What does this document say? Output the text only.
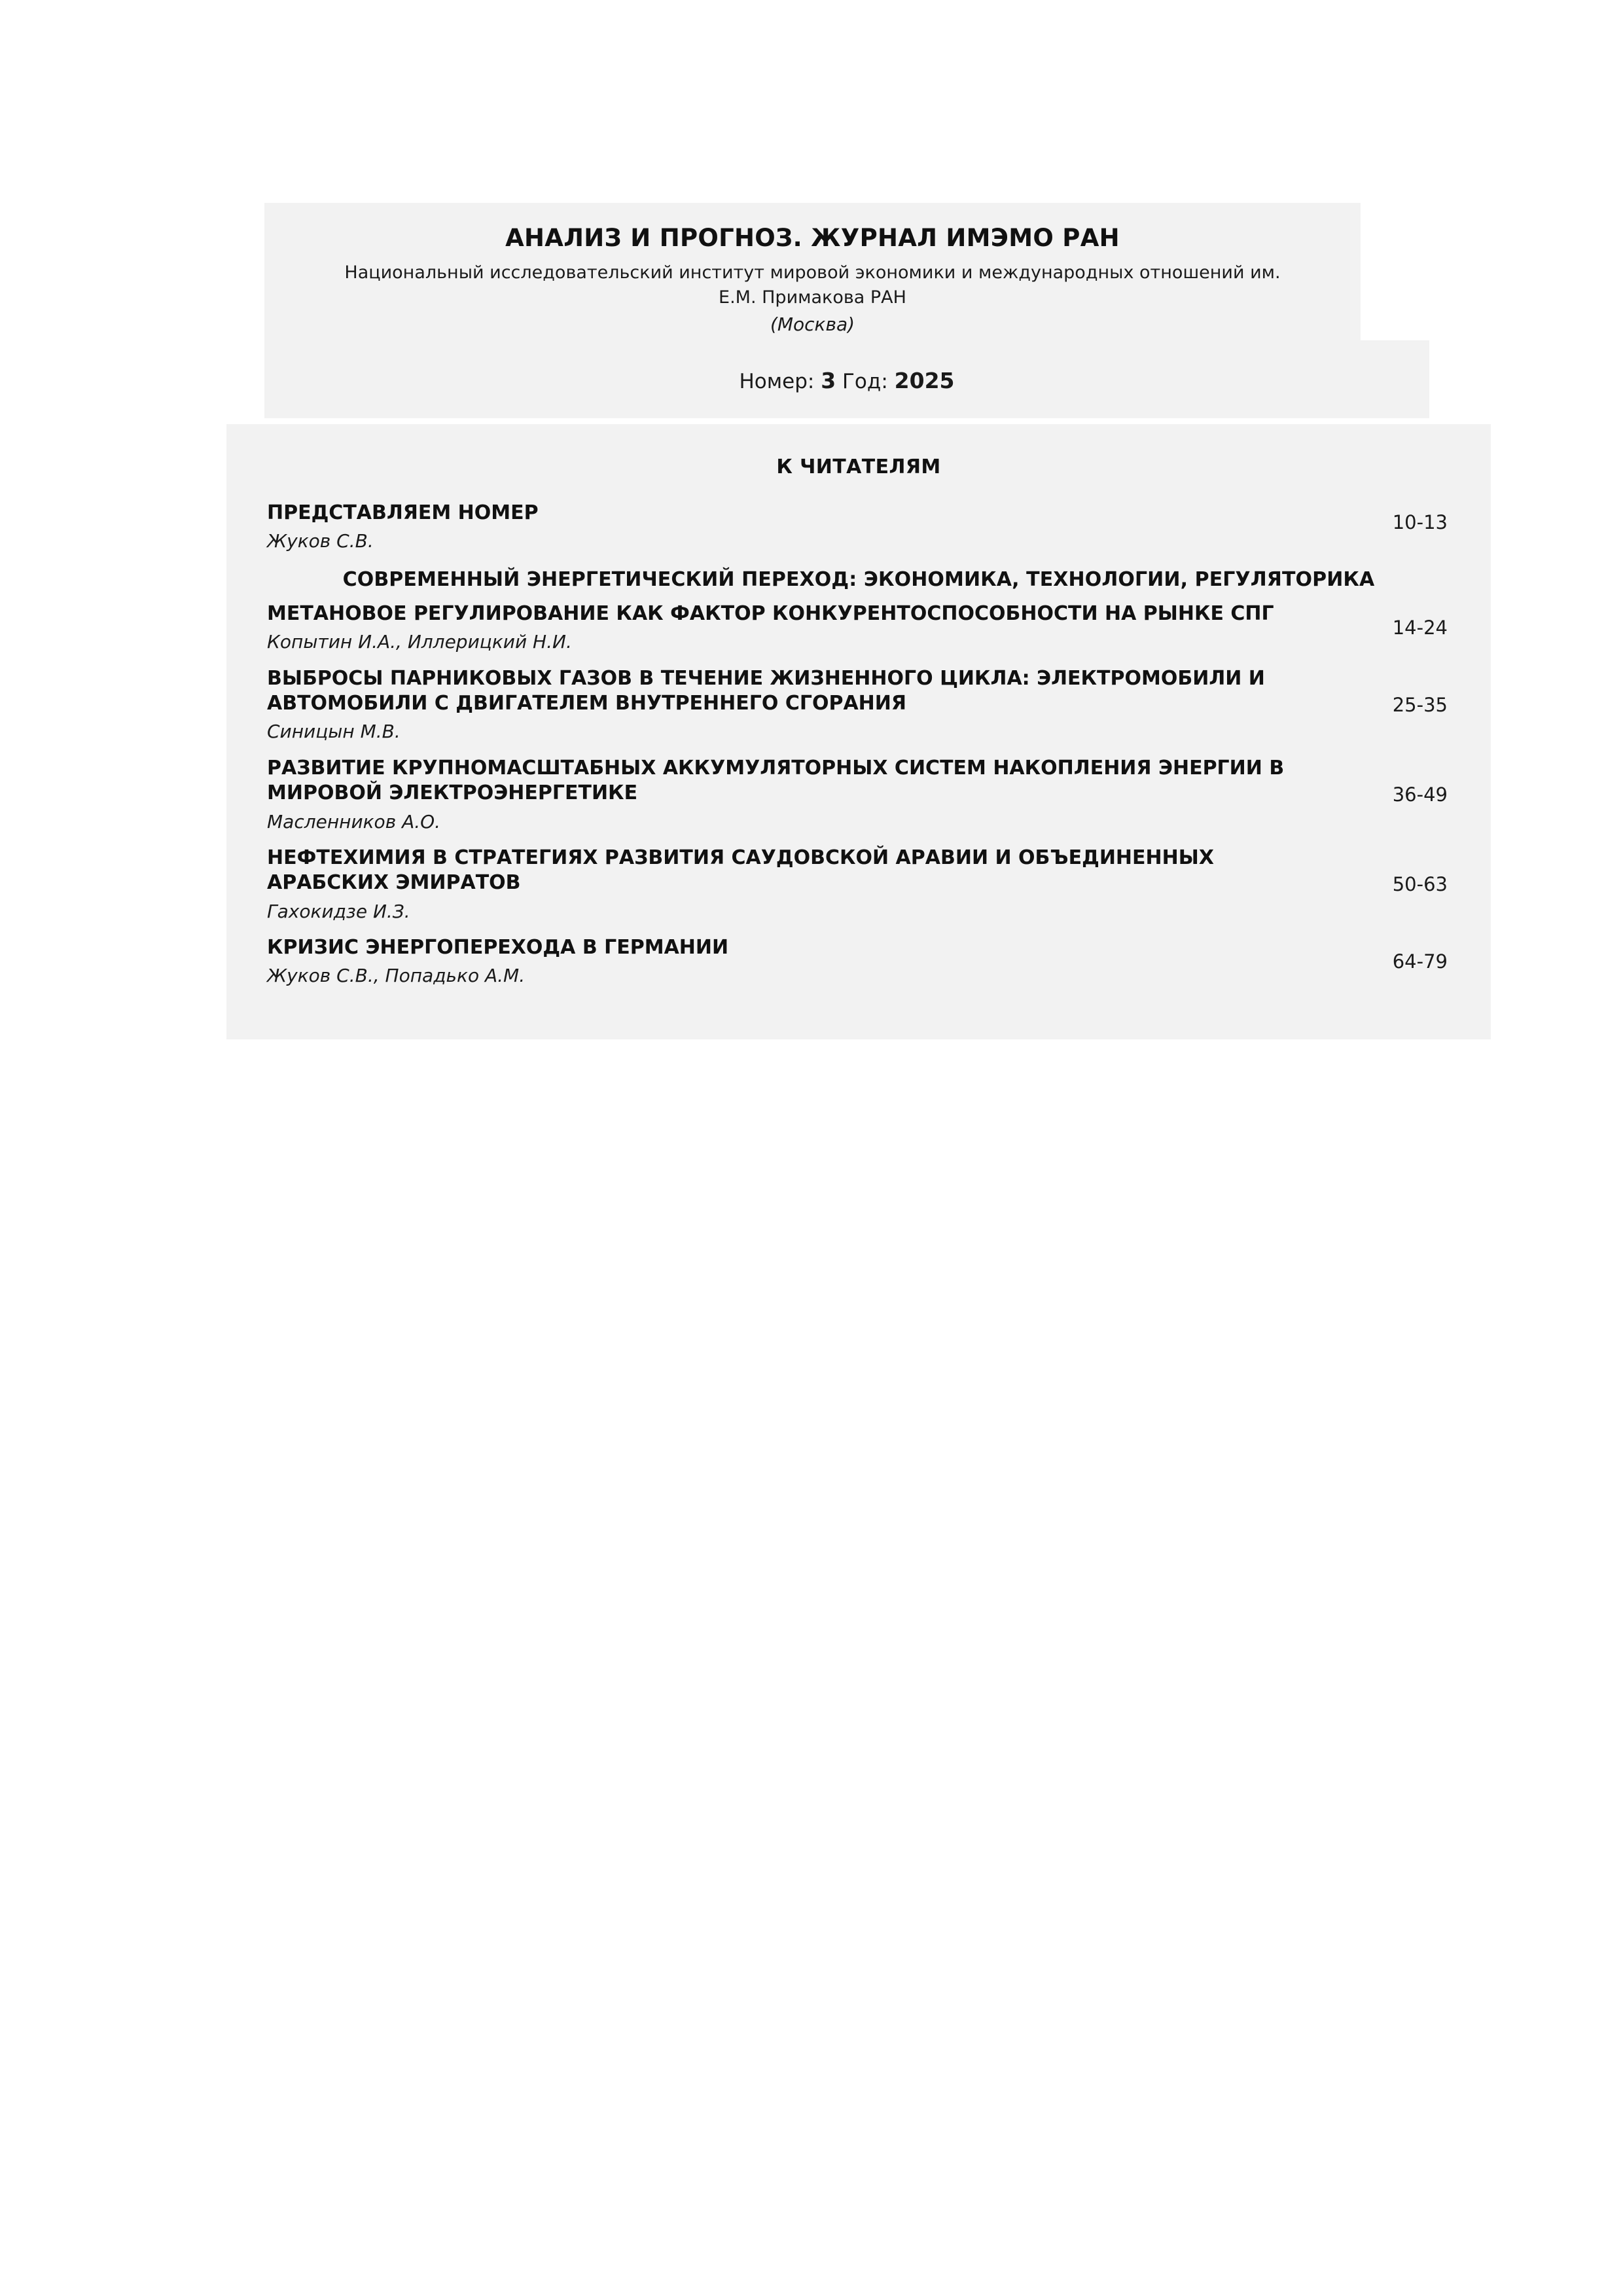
АНАЛИЗ И ПРОГНОЗ. ЖУРНАЛ ИМЭМО РАН
Национальный исследовательский институт мировой экономики и международных отношений им. Е.М. Примакова РАН
(Москва)
Номер: 3 Год: 2025
К ЧИТАТЕЛЯМ
ПРЕДСТАВЛЯЕМ НОМЕР
Жуков С.В.
10-13
СОВРЕМЕННЫЙ ЭНЕРГЕТИЧЕСКИЙ ПЕРЕХОД: ЭКОНОМИКА, ТЕХНОЛОГИИ, РЕГУЛЯТОРИКА
МЕТАНОВОЕ РЕГУЛИРОВАНИЕ КАК ФАКТОР КОНКУРЕНТОСПОСОБНОСТИ НА РЫНКЕ СПГ
Копытин И.А., Иллерицкий Н.И.
14-24
ВЫБРОСЫ ПАРНИКОВЫХ ГАЗОВ В ТЕЧЕНИЕ ЖИЗНЕННОГО ЦИКЛА: ЭЛЕКТРОМОБИЛИ И АВТОМОБИЛИ С ДВИГАТЕЛЕМ ВНУТРЕННЕГО СГОРАНИЯ
Синицын М.В.
25-35
РАЗВИТИЕ КРУПНОМАСШТАБНЫХ АККУМУЛЯТОРНЫХ СИСТЕМ НАКОПЛЕНИЯ ЭНЕРГИИ В МИРОВОЙ ЭЛЕКТРОЭНЕРГЕТИКЕ
Масленников А.О.
36-49
НЕФТЕХИМИЯ В СТРАТЕГИЯХ РАЗВИТИЯ САУДОВСКОЙ АРАВИИ И ОБЪЕДИНЕННЫХ АРАБСКИХ ЭМИРАТОВ
Гахокидзе И.З.
50-63
КРИЗИС ЭНЕРГОПЕРЕХОДА В ГЕРМАНИИ
Жуков С.В., Попадько А.М.
64-79
